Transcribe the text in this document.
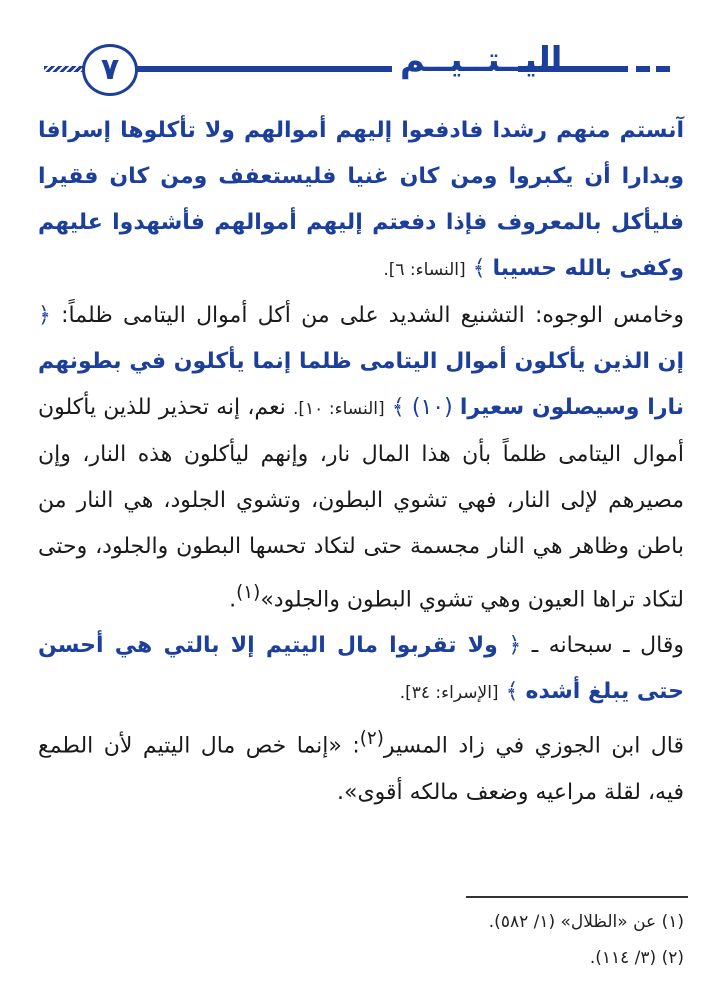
٧	اليــتــيــم

آنستم منهم رشدا فادفعوا إليهم أموالهم ولا تأكلوها إسرافا وبدارا أن يكبروا ومن كان غنيا فليستعفف ومن كان فقيرا فليأكل بالمعروف فإذا دفعتم إليهم أموالهم فأشهدوا عليهم وكفى بالله حسيبا ﴾ [النساء: ٦].

وخامس الوجوه: التشنيع الشديد على من أكل أموال اليتامى ظلماً: ﴿ إن الذين يأكلون أموال اليتامى ظلما إنما يأكلون في بطونهم نارا وسيصلون سعيرا (١٠) ﴾ [النساء: ١٠]. نعم، إنه تحذير للذين يأكلون أموال اليتامى ظلماً بأن هذا المال نار، وإنهم ليأكلون هذه النار، وإن مصيرهم لإلى النار، فهي تشوي البطون، وتشوي الجلود، هي النار من باطن وظاهر هي النار مجسمة حتى لتكاد تحسها البطون والجلود، وحتى لتكاد تراها العيون وهي تشوي البطون والجلود»$^{(١)}$.

وقال ـ سبحانه ـ ﴿ ولا تقربوا مال اليتيم إلا بالتي هي أحسن حتى يبلغ أشده ﴾ [الإسراء: ٣٤].

قال ابن الجوزي في زاد المسير$^{(٢)}$: «إنما خص مال اليتيم لأن الطمع فيه، لقلة مراعيه وضعف مالكه أقوى».

(١) عن «الظلال» (١/ ٥٨٢).
(٢) (٣/ ١١٤).
